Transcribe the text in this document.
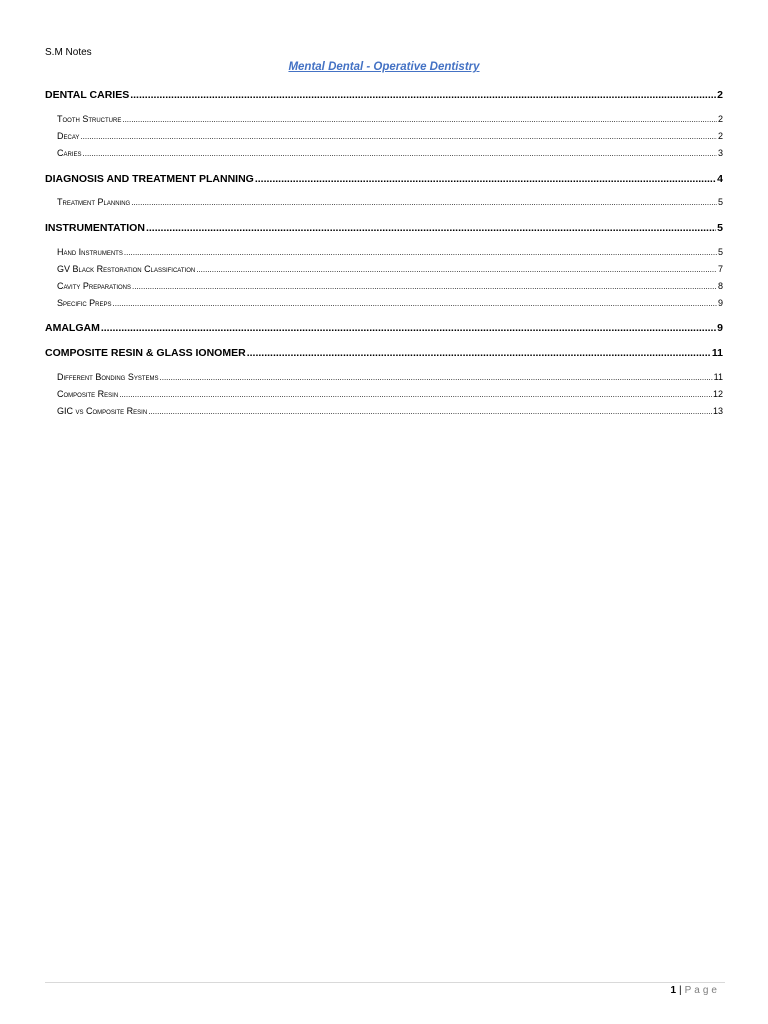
S.M Notes
Mental Dental - Operative Dentistry
DENTAL CARIES .....	2
Tooth Structure .....	2
Decay .....	2
Caries .....	3
DIAGNOSIS AND TREATMENT PLANNING .....	4
Treatment Planning .....	5
INSTRUMENTATION .....	5
Hand Instruments .....	5
GV Black Restoration Classification .....	7
Cavity Preparations .....	8
Specific Preps .....	9
AMALGAM .....	9
COMPOSITE RESIN & GLASS IONOMER .....	11
Different Bonding Systems .....	11
Composite Resin .....	12
GIC vs Composite Resin .....	13
1 | Page
